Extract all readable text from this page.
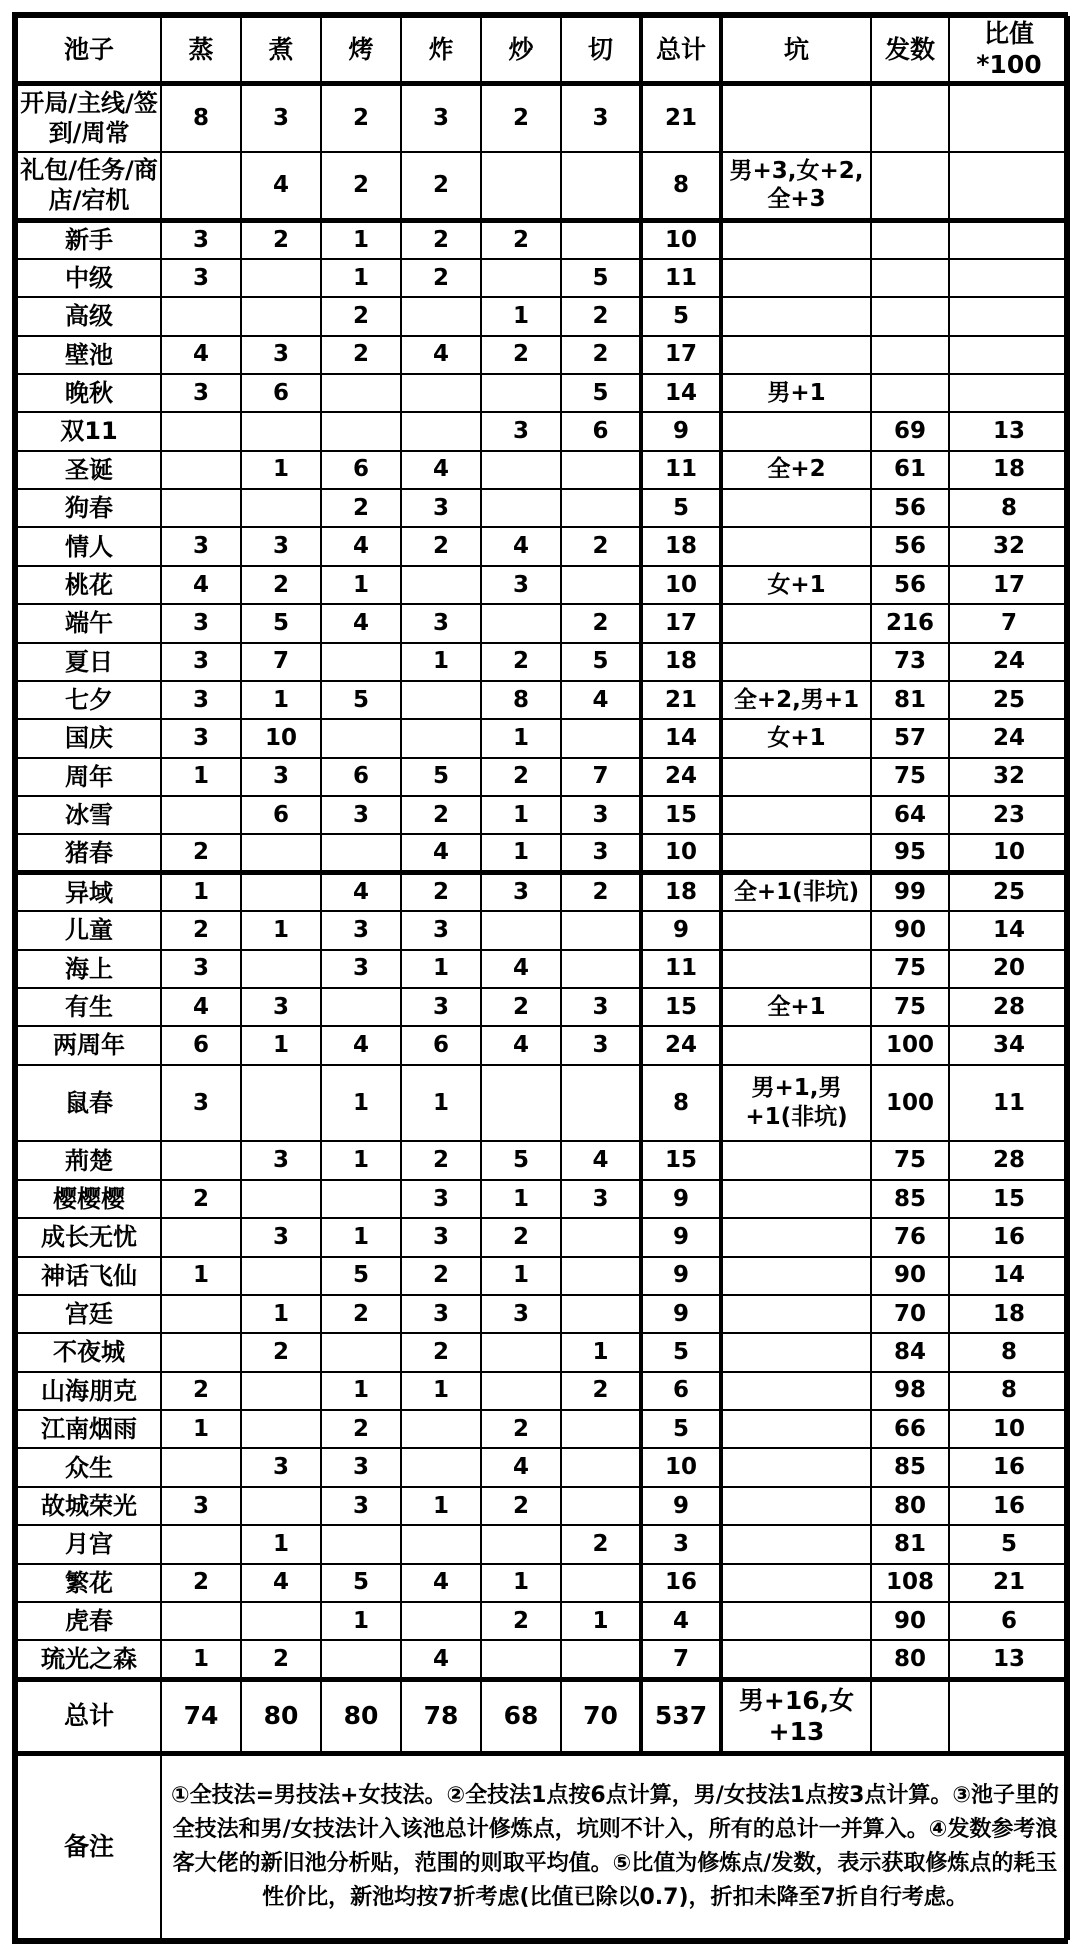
池子	蒸	煮	烤	炸	炒	切	总计	坑	发数	比值*100
开局/主线/签到/周常	8	3	2	3	2	3	21			
礼包/任务/商店/宕机		4	2	2			8	男+3,女+2,全+3		
新手	3	2	1	2	2		10			
中级	3		1	2		5	11			
高级			2		1	2	5			
壁池	4	3	2	4	2	2	17			
晚秋	3	6				5	14	男+1		
双11					3	6	9		69	13
圣诞		1	6	4			11	全+2	61	18
狗春			2	3			5		56	8
情人	3	3	4	2	4	2	18		56	32
桃花	4	2	1		3		10	女+1	56	17
端午	3	5	4	3		2	17		216	7
夏日	3	7		1	2	5	18		73	24
七夕	3	1	5		8	4	21	全+2,男+1	81	25
国庆	3	10			1		14	女+1	57	24
周年	1	3	6	5	2	7	24		75	32
冰雪		6	3	2	1	3	15		64	23
猪春	2			4	1	3	10		95	10
异域	1		4	2	3	2	18	全+1(非坑)	99	25
儿童	2	1	3	3			9		90	14
海上	3		3	1	4		11		75	20
有生	4	3		3	2	3	15	全+1	75	28
两周年	6	1	4	6	4	3	24		100	34
鼠春	3		1	1			8	男+1,男+1(非坑)	100	11
荊楚		3	1	2	5	4	15		75	28
樱樱樱	2			3	1	3	9		85	15
成长无忧		3	1	3	2		9		76	16
神话飞仙	1		5	2	1		9		90	14
宫廷		1	2	3	3		9		70	18
不夜城		2		2		1	5		84	8
山海朋克	2		1	1		2	6		98	8
江南烟雨	1		2		2		5		66	10
众生		3	3		4		10		85	16
故城荣光	3		3	1	2		9		80	16
月宫		1				2	3		81	5
繁花	2	4	5	4	1		16		108	21
虎春			1		2	1	4		90	6
琉光之森	1	2		4			7		80	13
总计	74	80	80	78	68	70	537	男+16,女+13		
备注	①全技法=男技法+女技法。②全技法1点按6点计算，男/女技法1点按3点计算。③池子里的全技法和男/女技法计入该池总计修炼点，坑则不计入，所有的总计一并算入。④发数参考浪客大佬的新旧池分析贴，范围的则取平均值。⑤比值为修炼点/发数，表示获取修炼点的耗玉性价比，新池均按7折考虑(比值已除以0.7)，折扣未降至7折自行考虑。									
